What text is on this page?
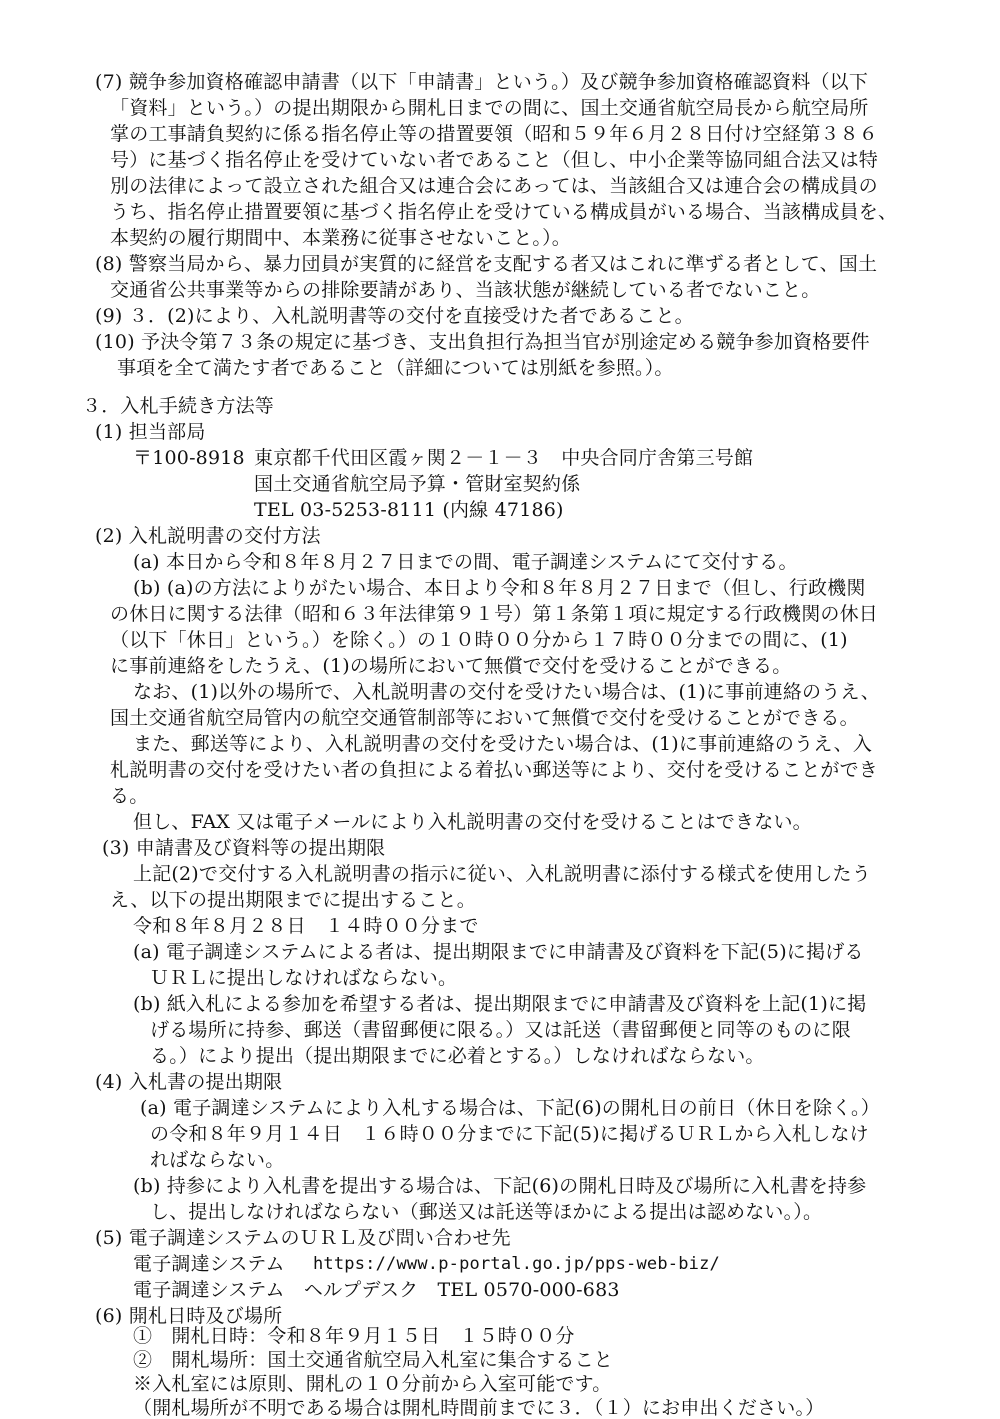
(7) 競争参加資格確認申請書（以下「申請書」という。）及び競争参加資格確認資料（以下
「資料」という。）の提出期限から開札日までの間に、国土交通省航空局長から航空局所
掌の工事請負契約に係る指名停止等の措置要領（昭和５９年６月２８日付け空経第３８６
号）に基づく指名停止を受けていない者であること（但し、中小企業等協同組合法又は特
別の法律によって設立された組合又は連合会にあっては、当該組合又は連合会の構成員の
うち、指名停止措置要領に基づく指名停止を受けている構成員がいる場合、当該構成員を、
本契約の履行期間中、本業務に従事させないこと。）。
(8) 警察当局から、暴力団員が実質的に経営を支配する者又はこれに準ずる者として、国土
交通省公共事業等からの排除要請があり、当該状態が継続している者でないこと。
(9) ３．(2)により、入札説明書等の交付を直接受けた者であること。
(10) 予決令第７３条の規定に基づき、支出負担行為担当官が別途定める競争参加資格要件
事項を全て満たす者であること（詳細については別紙を参照。）。
３．入札手続き方法等
(1) 担当部局
〒100-8918 東京都千代田区霞ヶ関２－１－３　中央合同庁舎第三号館
国土交通省航空局予算・管財室契約係
TEL 03-5253-8111 (内線 47186)
(2) 入札説明書の交付方法
(a) 本日から令和８年８月２７日までの間、電子調達システムにて交付する。
(b) (a)の方法によりがたい場合、本日より令和８年８月２７日まで（但し、行政機関
の休日に関する法律（昭和６３年法律第９１号）第１条第１項に規定する行政機関の休日
（以下「休日」という。）を除く。）の１０時００分から１７時００分までの間に、(1)
に事前連絡をしたうえ、(1)の場所において無償で交付を受けることができる。
なお、(1)以外の場所で、入札説明書の交付を受けたい場合は、(1)に事前連絡のうえ、
国土交通省航空局管内の航空交通管制部等において無償で交付を受けることができる。
また、郵送等により、入札説明書の交付を受けたい場合は、(1)に事前連絡のうえ、入
札説明書の交付を受けたい者の負担による着払い郵送等により、交付を受けることができ
る。
但し、FAX 又は電子メールにより入札説明書の交付を受けることはできない。
(3) 申請書及び資料等の提出期限
上記(2)で交付する入札説明書の指示に従い、入札説明書に添付する様式を使用したう
え、以下の提出期限までに提出すること。
令和８年８月２８日　１４時００分まで
(a) 電子調達システムによる者は、提出期限までに申請書及び資料を下記(5)に掲げる
ＵＲＬに提出しなければならない。
(b) 紙入札による参加を希望する者は、提出期限までに申請書及び資料を上記(1)に掲
げる場所に持参、郵送（書留郵便に限る。）又は託送（書留郵便と同等のものに限
る。）により提出（提出期限までに必着とする。）しなければならない。
(4) 入札書の提出期限
(a) 電子調達システムにより入札する場合は、下記(6)の開札日の前日（休日を除く。）
の令和８年９月１４日　１６時００分までに下記(5)に掲げるＵＲＬから入札しなけ
ればならない。
(b) 持参により入札書を提出する場合は、下記(6)の開札日時及び場所に入札書を持参
し、提出しなければならない（郵送又は託送等ほかによる提出は認めない。）。
(5) 電子調達システムのＵＲＬ及び問い合わせ先
電子調達システム https://www.p-portal.go.jp/pps-web-biz/
電子調達システム　ヘルプデスク　TEL 0570-000-683
(6) 開札日時及び場所
①　開札日時：令和８年９月１５日　１５時００分
②　開札場所：国土交通省航空局入札室に集合すること
※入札室には原則、開札の１０分前から入室可能です。
（開札場所が不明である場合は開札時間前までに３．（１）にお申出ください。）
